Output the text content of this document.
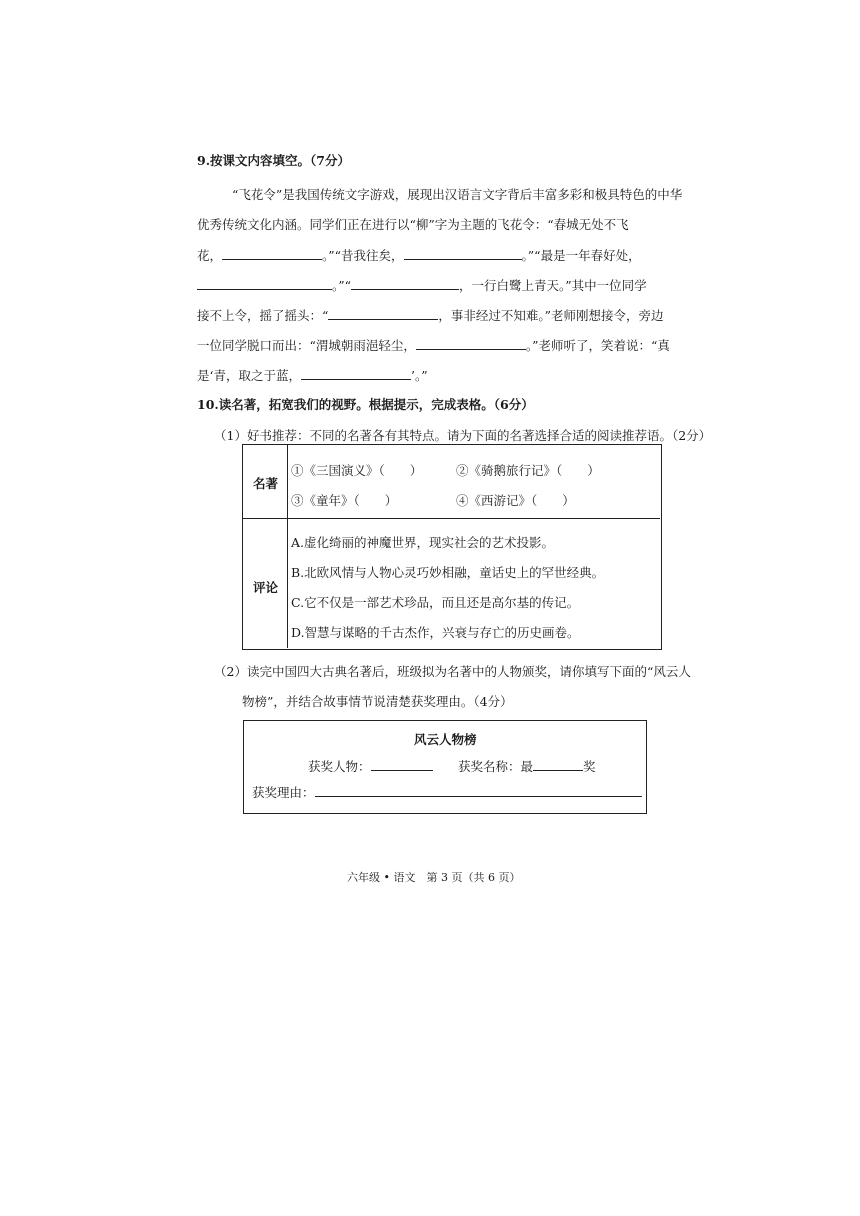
9.按课文内容填空。（7分）
“飞花令”是我国传统文字游戏，展现出汉语言文字背后丰富多彩和极具特色的中华
优秀传统文化内涵。同学们正在进行以“柳”字为主题的飞花令：“春城无处不飞
花，	。”“昔我往矣，	。”“最是一年春好处，
。”“	，一行白鹭上青天。”其中一位同学
接不上令，摇了摇头：“	，事非经过不知难。”老师刚想接令，旁边
一位同学脱口而出：“渭城朝雨浥轻尘，	。”老师听了，笑着说：“真
是‘青，取之于蓝，	’。”
10.读名著，拓宽我们的视野。根据提示，完成表格。（6分）
（1）好书推荐：不同的名著各有其特点。请为下面的名著选择合适的阅读推荐语。（2分）
名著
①《三国演义》（　　）	②《骑鹅旅行记》（　　）
③《童年》（　　）	④《西游记》（　　）
评论
A.虚化绮丽的神魔世界，现实社会的艺术投影。
B.北欧风情与人物心灵巧妙相融，童话史上的罕世经典。
C.它不仅是一部艺术珍品，而且还是高尔基的传记。
D.智慧与谋略的千古杰作，兴衰与存亡的历史画卷。
（2）读完中国四大古典名著后，班级拟为名著中的人物颁奖，请你填写下面的“风云人
物榜”，并结合故事情节说清楚获奖理由。（4分）
风云人物榜
获奖人物：	获奖名称：最	奖
获奖理由：
六年级 • 语文　第 3 页（共 6 页）
